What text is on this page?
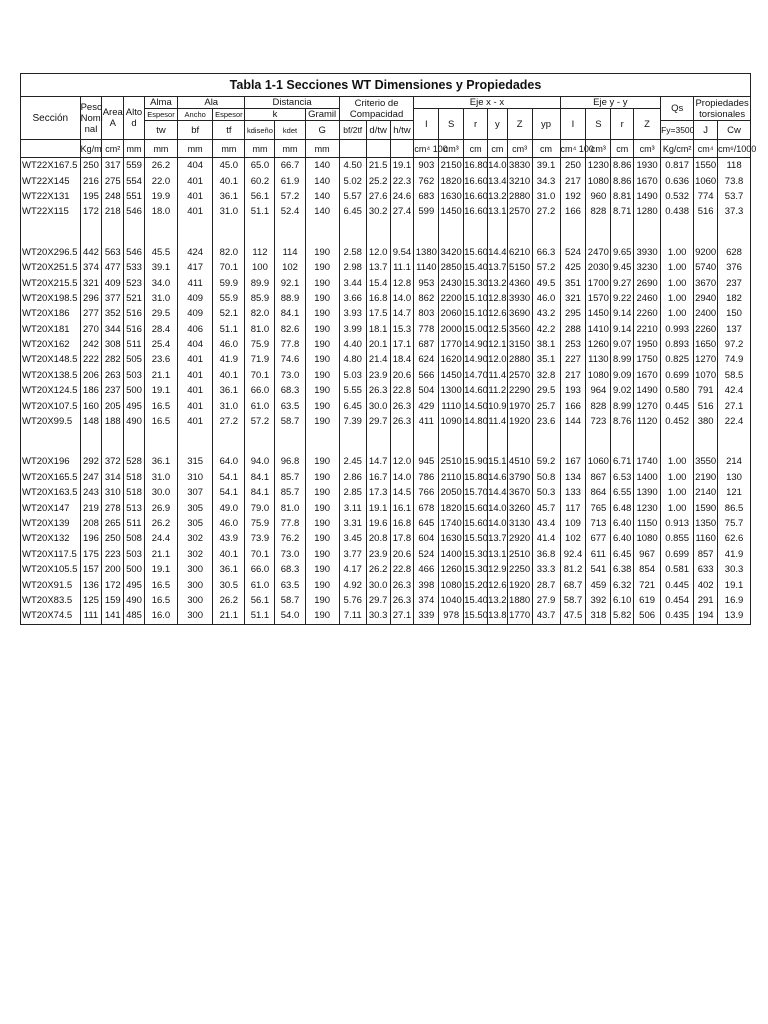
Tabla 1-1 Secciones WT Dimensiones y Propiedades																									
Sección	Peso Nomi nal	Area A	Alto d	Alma	Ala		Distancia			Criterio de Compacidad			Eje x - x						Eje y - y				Qs	Propiedades torsionales	
				Espesor	Ancho	Espesor	k		Gramil				I	S	r	y	Z	yp	I	S	r	Z			
				tw	bf	tf	kdiseño	kdet	G	bf/2tf	d/tw	h/tw											Fy=3500	J	Cw
	Kg/m	cm²	mm	mm	mm	mm	mm	mm	mm				cm⁴ 100	cm³	cm	cm	cm³	cm	cm⁴ 100	cm³	cm	cm³	Kg/cm²	cm⁴	cm⁶/1000
WT22X167.5	250	317	559	26.2	404	45.0	65.0	66.7	140	4.50	21.5	19.1	903	2150	16.80	14.0	3830	39.1	250	1230	8.86	1930	0.817	1550	118
WT22X145	216	275	554	22.0	401	40.1	60.2	61.9	140	5.02	25.2	22.3	762	1820	16.60	13.4	3210	34.3	217	1080	8.86	1670	0.636	1060	73.8
WT22X131	195	248	551	19.9	401	36.1	56.1	57.2	140	5.57	27.6	24.6	683	1630	16.60	13.2	2880	31.0	192	960	8.81	1490	0.532	774	53.7
WT22X115	172	218	546	18.0	401	31.0	51.1	52.4	140	6.45	30.2	27.4	599	1450	16.60	13.1	2570	27.2	166	828	8.71	1280	0.438	516	37.3

WT20X296.5	442	563	546	45.5	424	82.0	112	114	190	2.58	12.0	9.54	1380	3420	15.60	14.4	6210	66.3	524	2470	9.65	3930	1.00	9200	628
WT20X251.5	374	477	533	39.1	417	70.1	100	102	190	2.98	13.7	11.1	1140	2850	15.40	13.7	5150	57.2	425	2030	9.45	3230	1.00	5740	376
WT20X215.5	321	409	523	34.0	411	59.9	89.9	92.1	190	3.44	15.4	12.8	953	2430	15.30	13.2	4360	49.5	351	1700	9.27	2690	1.00	3670	237
WT20X198.5	296	377	521	31.0	409	55.9	85.9	88.9	190	3.66	16.8	14.0	862	2200	15.10	12.8	3930	46.0	321	1570	9.22	2460	1.00	2940	182
WT20X186	277	352	516	29.5	409	52.1	82.0	84.1	190	3.93	17.5	14.7	803	2060	15.10	12.6	3690	43.2	295	1450	9.14	2260	1.00	2400	150
WT20X181	270	344	516	28.4	406	51.1	81.0	82.6	190	3.99	18.1	15.3	778	2000	15.00	12.5	3560	42.2	288	1410	9.14	2210	0.993	2260	137
WT20X162	242	308	511	25.4	404	46.0	75.9	77.8	190	4.40	20.1	17.1	687	1770	14.90	12.1	3150	38.1	253	1260	9.07	1950	0.893	1650	97.2
WT20X148.5	222	282	505	23.6	401	41.9	71.9	74.6	190	4.80	21.4	18.4	624	1620	14.90	12.0	2880	35.1	227	1130	8.99	1750	0.825	1270	74.9
WT20X138.5	206	263	503	21.1	401	40.1	70.1	73.0	190	5.03	23.9	20.6	566	1450	14.70	11.4	2570	32.8	217	1080	9.09	1670	0.699	1070	58.5
WT20X124.5	186	237	500	19.1	401	36.1	66.0	68.3	190	5.55	26.3	22.8	504	1300	14.60	11.2	2290	29.5	193	964	9.02	1490	0.580	791	42.4
WT20X107.5	160	205	495	16.5	401	31.0	61.0	63.5	190	6.45	30.0	26.3	429	1110	14.50	10.9	1970	25.7	166	828	8.99	1270	0.445	516	27.1
WT20X99.5	148	188	490	16.5	401	27.2	57.2	58.7	190	7.39	29.7	26.3	411	1090	14.80	11.4	1920	23.6	144	723	8.76	1120	0.452	380	22.4

WT20X196	292	372	528	36.1	315	64.0	94.0	96.8	190	2.45	14.7	12.0	945	2510	15.90	15.1	4510	59.2	167	1060	6.71	1740	1.00	3550	214
WT20X165.5	247	314	518	31.0	310	54.1	84.1	85.7	190	2.86	16.7	14.0	786	2110	15.80	14.6	3790	50.8	134	867	6.53	1400	1.00	2190	130
WT20X163.5	243	310	518	30.0	307	54.1	84.1	85.7	190	2.85	17.3	14.5	766	2050	15.70	14.4	3670	50.3	133	864	6.55	1390	1.00	2140	121
WT20X147	219	278	513	26.9	305	49.0	79.0	81.0	190	3.11	19.1	16.1	678	1820	15.60	14.0	3260	45.7	117	765	6.48	1230	1.00	1590	86.5
WT20X139	208	265	511	26.2	305	46.0	75.9	77.8	190	3.31	19.6	16.8	645	1740	15.60	14.0	3130	43.4	109	713	6.40	1150	0.913	1350	75.7
WT20X132	196	250	508	24.4	302	43.9	73.9	76.2	190	3.45	20.8	17.8	604	1630	15.50	13.7	2920	41.4	102	677	6.40	1080	0.855	1160	62.6
WT20X117.5	175	223	503	21.1	302	40.1	70.1	73.0	190	3.77	23.9	20.6	524	1400	15.30	13.1	2510	36.8	92.4	611	6.45	967	0.699	857	41.9
WT20X105.5	157	200	500	19.1	300	36.1	66.0	68.3	190	4.17	26.2	22.8	466	1260	15.30	12.9	2250	33.3	81.2	541	6.38	854	0.581	633	30.3
WT20X91.5	136	172	495	16.5	300	30.5	61.0	63.5	190	4.92	30.0	26.3	398	1080	15.20	12.6	1920	28.7	68.7	459	6.32	721	0.445	402	19.1
WT20X83.5	125	159	490	16.5	300	26.2	56.1	58.7	190	5.76	29.7	26.3	374	1040	15.40	13.2	1880	27.9	58.7	392	6.10	619	0.454	291	16.9
WT20X74.5	111	141	485	16.0	300	21.1	51.1	54.0	190	7.11	30.3	27.1	339	978	15.50	13.8	1770	43.7	47.5	318	5.82	506	0.435	194	13.9
